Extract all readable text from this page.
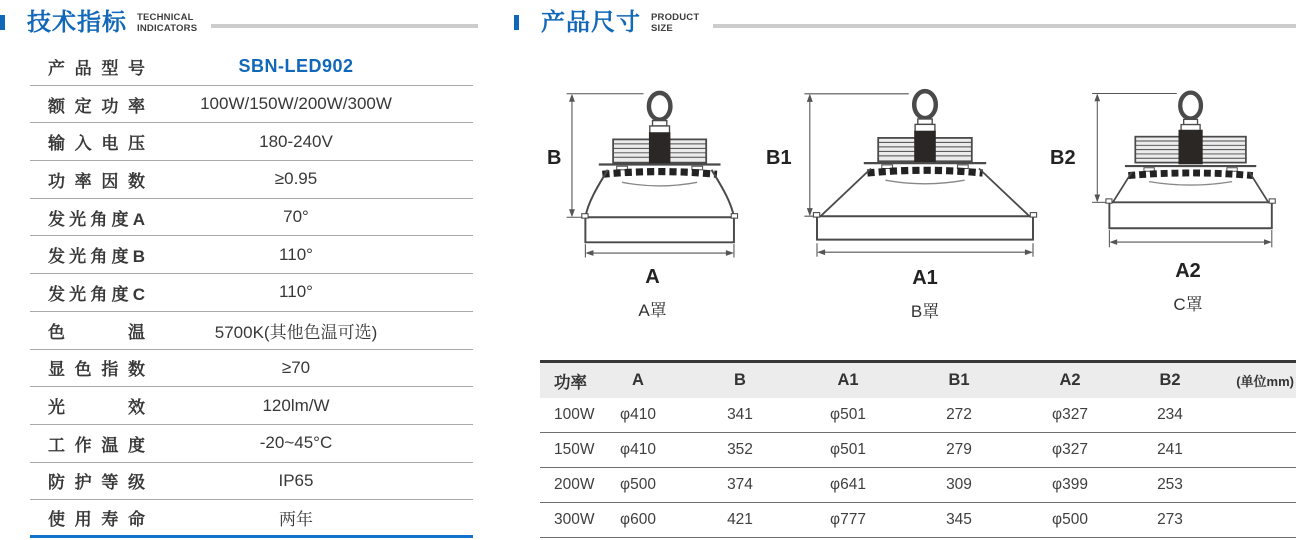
技术指标 TECHNICAL
INDICATORS
产品型号	SBN-LED902
额定功率	100W/150W/200W/300W
输入电压	180-240V
功率因数	≥0.95
发光角度A	70°
发光角度B	110°
发光角度C	110°
色温	5700K(其他色温可选)
显色指数	≥70
光效	120lm/W
工作温度	-20~45°C
防护等级	IP65
使用寿命	两年
产品尺寸 PRODUCT
SIZE
B
A
A罩
B1
A1
B罩
B2
A2
C罩
功率	A	B	A1	B1	A2	B2	(单位mm)
100W	φ410	341	φ501	272	φ327	234
150W	φ410	352	φ501	279	φ327	241
200W	φ500	374	φ641	309	φ399	253
300W	φ600	421	φ777	345	φ500	273
